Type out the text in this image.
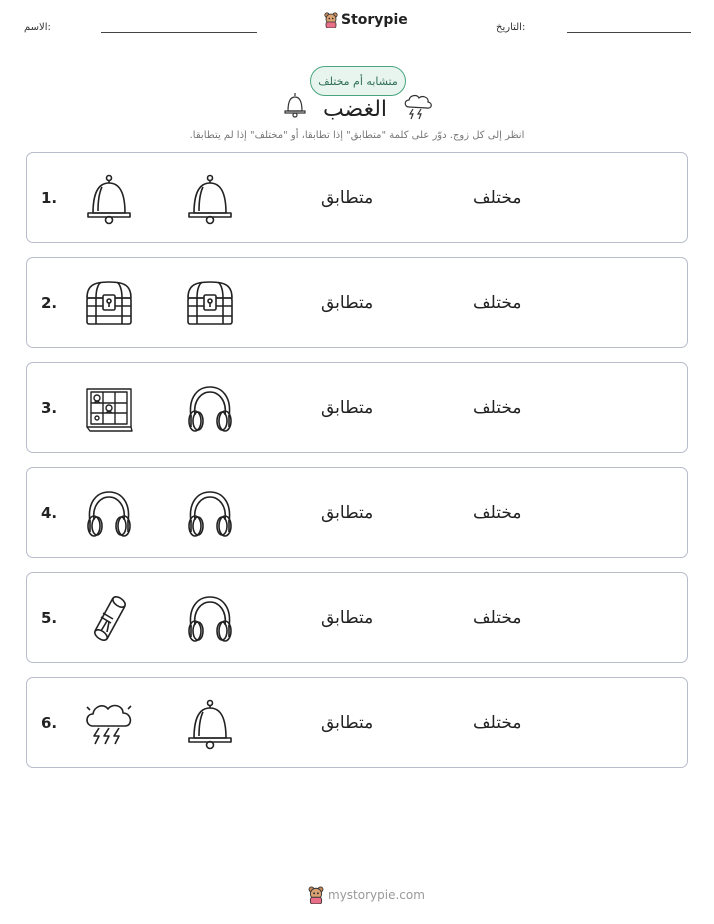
الاسم:	Storypie	التاريخ:
متشابه أم مختلف
الغضب
انظر إلى كل زوج. دوّر على كلمة "متطابق" إذا تطابقا، أو "مختلف" إذا لم يتطابقا.
1.	متطابق	مختلف
2.	متطابق	مختلف
3.	متطابق	مختلف
4.	متطابق	مختلف
5.	متطابق	مختلف
6.	متطابق	مختلف
mystorypie.com
